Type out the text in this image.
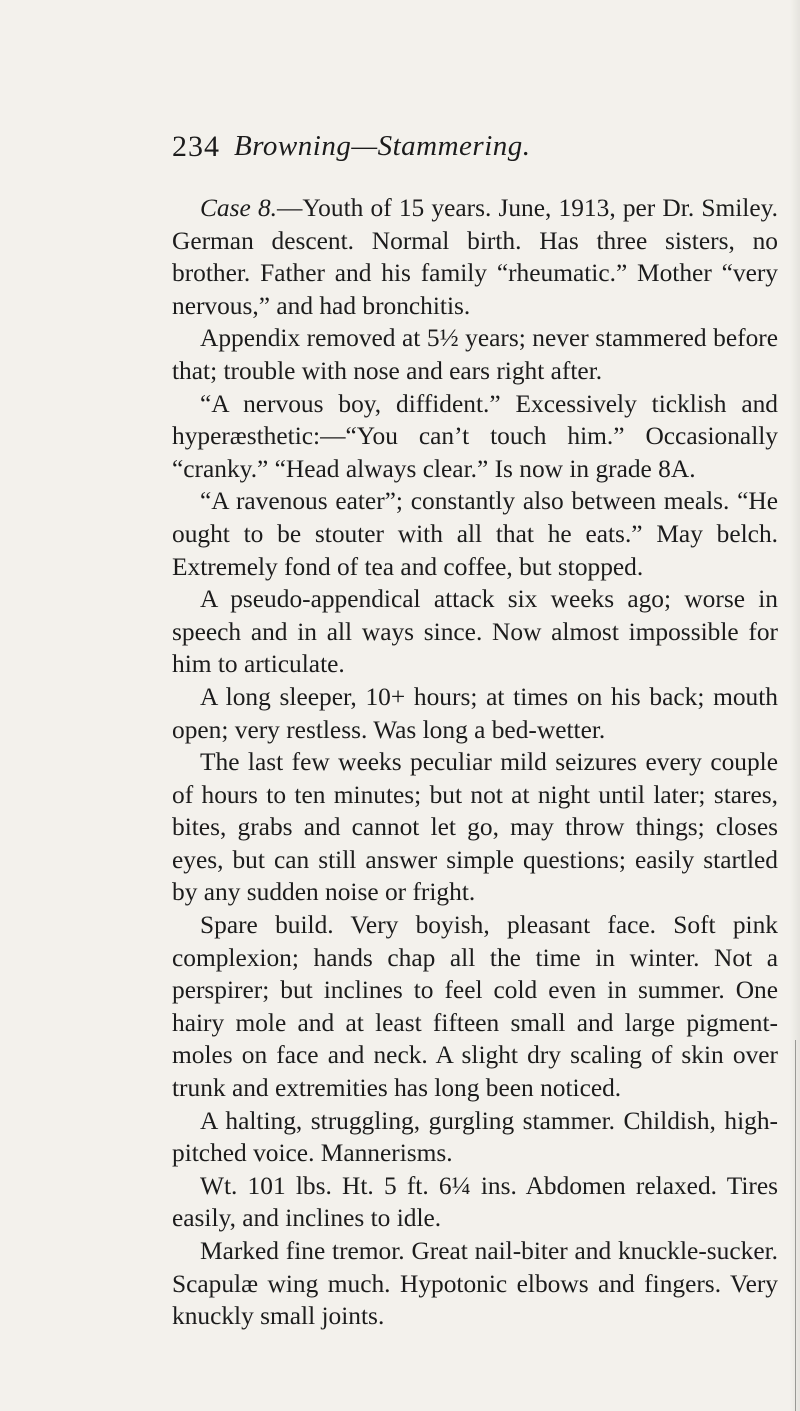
234 Browning—Stammering.

Case 8.—Youth of 15 years. June, 1913, per Dr. Smiley. German descent. Normal birth. Has three sisters, no brother. Father and his family “rheumatic.” Mother “very nervous,” and had bronchitis.

Appendix removed at 5½ years; never stammered before that; trouble with nose and ears right after.

“A nervous boy, diffident.” Excessively ticklish and hyperæsthetic:—“You can’t touch him.” Occasionally “cranky.” “Head always clear.” Is now in grade 8A.

“A ravenous eater”; constantly also between meals. “He ought to be stouter with all that he eats.” May belch. Extremely fond of tea and coffee, but stopped.

A pseudo-appendical attack six weeks ago; worse in speech and in all ways since. Now almost impossible for him to articulate.

A long sleeper, 10+ hours; at times on his back; mouth open; very restless. Was long a bed-wetter.

The last few weeks peculiar mild seizures every couple of hours to ten minutes; but not at night until later; stares, bites, grabs and cannot let go, may throw things; closes eyes, but can still answer simple questions; easily startled by any sudden noise or fright.

Spare build. Very boyish, pleasant face. Soft pink complexion; hands chap all the time in winter. Not a perspirer; but inclines to feel cold even in summer. One hairy mole and at least fifteen small and large pigment-moles on face and neck. A slight dry scaling of skin over trunk and extremities has long been noticed.

A halting, struggling, gurgling stammer. Childish, high-pitched voice. Mannerisms.

Wt. 101 lbs. Ht. 5 ft. 6¼ ins. Abdomen relaxed. Tires easily, and inclines to idle.

Marked fine tremor. Great nail-biter and knuckle-sucker. Scapulæ wing much. Hypotonic elbows and fingers. Very knuckly small joints.
